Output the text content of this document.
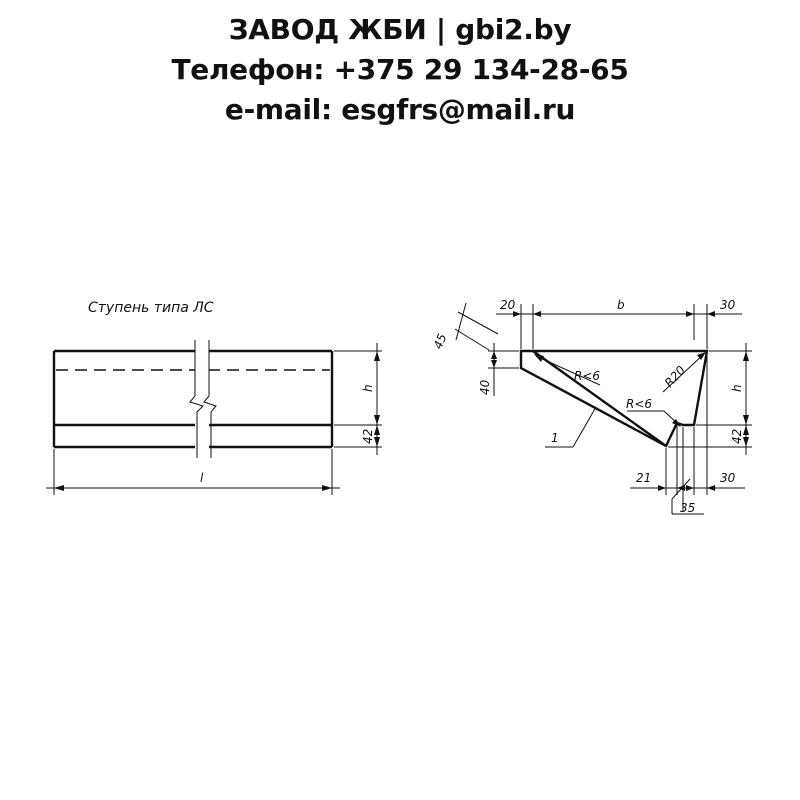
ЗАВОД ЖБИ | gbi2.by
Телефон: +375 29 134-28-65
e-mail: esgfrs@mail.ru
Ступень типа ЛС
h
42
l
20	b	30
45
40
R<6	R20
R<6
1
h
42
21	30
35
